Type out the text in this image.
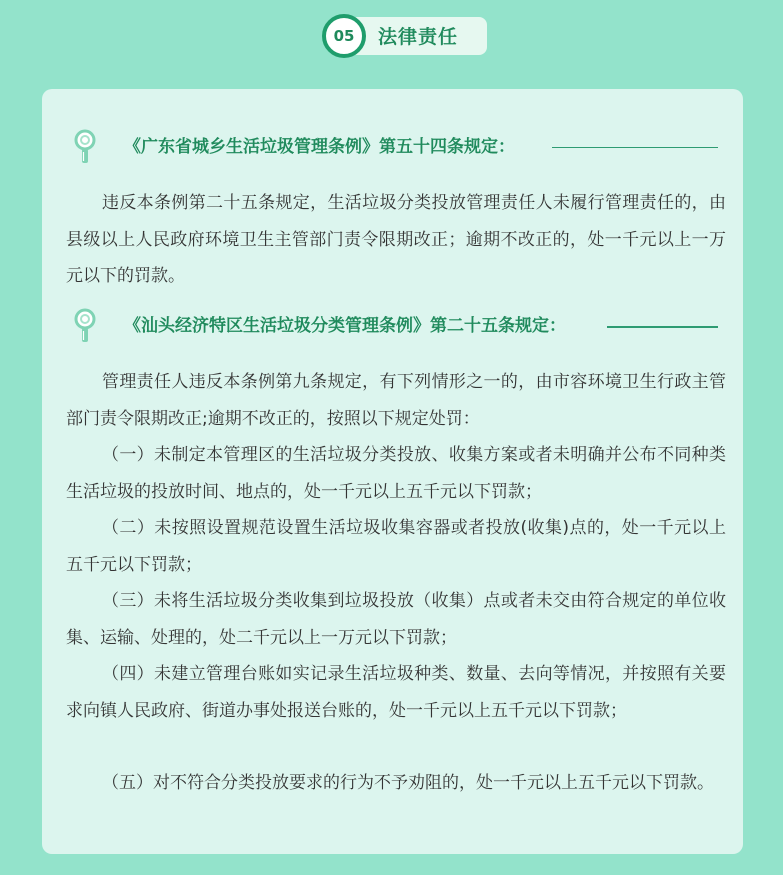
05	法律责任
《广东省城乡生活垃圾管理条例》第五十四条规定：

违反本条例第二十五条规定，生活垃圾分类投放管理责任人未履行管理责任的，由县级以上人民政府环境卫生主管部门责令限期改正；逾期不改正的，处一千元以上一万元以下的罚款。

《汕头经济特区生活垃圾分类管理条例》第二十五条规定：

管理责任人违反本条例第九条规定，有下列情形之一的，由市容环境卫生行政主管部门责令限期改正;逾期不改正的，按照以下规定处罚：

（一）未制定本管理区的生活垃圾分类投放、收集方案或者未明确并公布不同种类生活垃圾的投放时间、地点的，处一千元以上五千元以下罚款；

（二）未按照设置规范设置生活垃圾收集容器或者投放(收集)点的，处一千元以上五千元以下罚款；

（三）未将生活垃圾分类收集到垃圾投放（收集）点或者未交由符合规定的单位收集、运输、处理的，处二千元以上一万元以下罚款；

（四）未建立管理台账如实记录生活垃圾种类、数量、去向等情况，并按照有关要求向镇人民政府、街道办事处报送台账的，处一千元以上五千元以下罚款；

（五）对不符合分类投放要求的行为不予劝阻的，处一千元以上五千元以下罚款。
